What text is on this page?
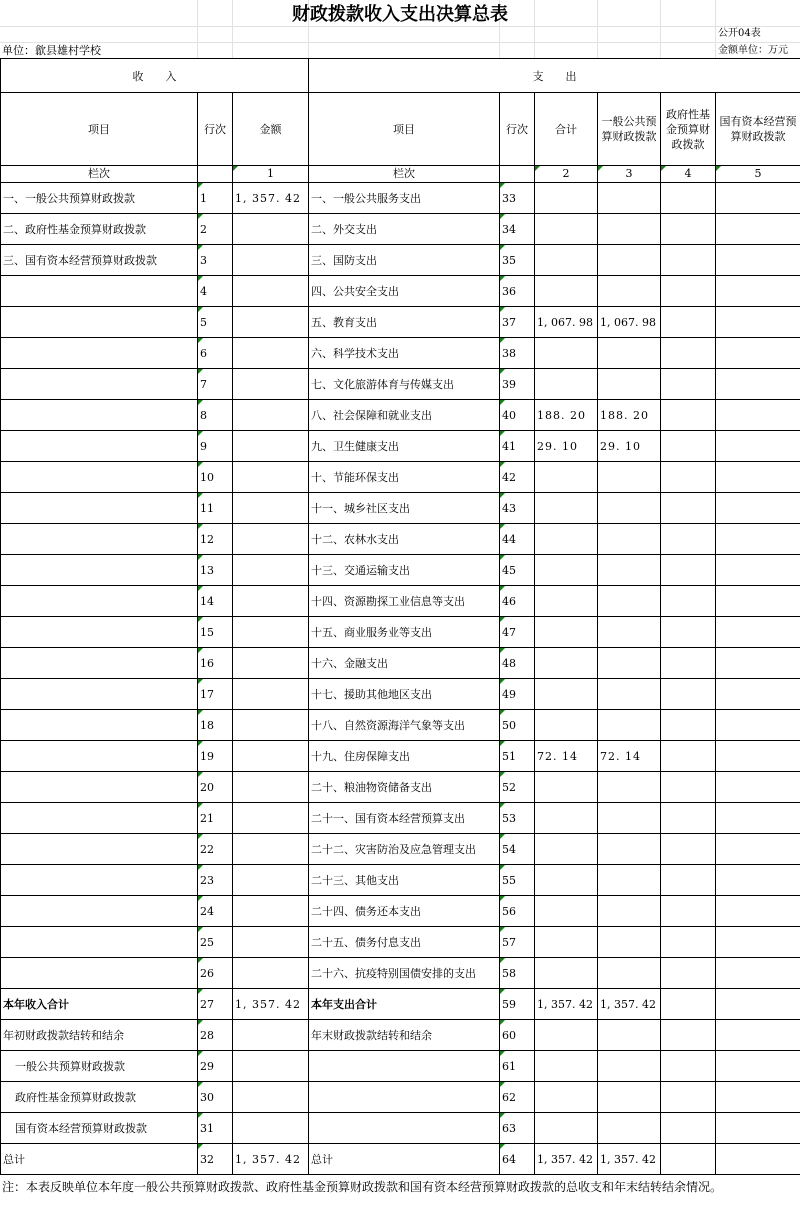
财政拨款收入支出决算总表
公开04表
单位：歙县雄村学校	金额单位：万元
收　　入			支　　出					
项目	行次	金额	项目	行次	合计	一般公共预算财政拨款	政府性基金预算财政拨款	国有资本经营预算财政拨款
栏次		1	栏次		2	3	4	5
一、一般公共预算财政拨款	1	1, 357. 42	一、一般公共服务支出	33				
二、政府性基金预算财政拨款	2		二、外交支出	34				
三、国有资本经营预算财政拨款	3		三、国防支出	35				
	4		四、公共安全支出	36				
	5		五、教育支出	37	1, 067. 98	1, 067. 98		
	6		六、科学技术支出	38				
	7		七、文化旅游体育与传媒支出	39				
	8		八、社会保障和就业支出	40	188. 20	188. 20		
	9		九、卫生健康支出	41	29. 10	29. 10		
	10		十、节能环保支出	42				
	11		十一、城乡社区支出	43				
	12		十二、农林水支出	44				
	13		十三、交通运输支出	45				
	14		十四、资源勘探工业信息等支出	46				
	15		十五、商业服务业等支出	47				
	16		十六、金融支出	48				
	17		十七、援助其他地区支出	49				
	18		十八、自然资源海洋气象等支出	50				
	19		十九、住房保障支出	51	72. 14	72. 14		
	20		二十、粮油物资储备支出	52				
	21		二十一、国有资本经营预算支出	53				
	22		二十二、灾害防治及应急管理支出	54				
	23		二十三、其他支出	55				
	24		二十四、债务还本支出	56				
	25		二十五、债务付息支出	57				
	26		二十六、抗疫特别国债安排的支出	58				
本年收入合计	27	1, 357. 42	本年支出合计	59	1, 357. 42	1, 357. 42		
年初财政拨款结转和结余	28		年末财政拨款结转和结余	60				
一般公共预算财政拨款	29			61				
政府性基金预算财政拨款	30			62				
国有资本经营预算财政拨款	31			63				
总计	32	1, 357. 42	总计	64	1, 357. 42	1, 357. 42		
注：本表反映单位本年度一般公共预算财政拨款、政府性基金预算财政拨款和国有资本经营预算财政拨款的总收支和年末结转结余情况。
